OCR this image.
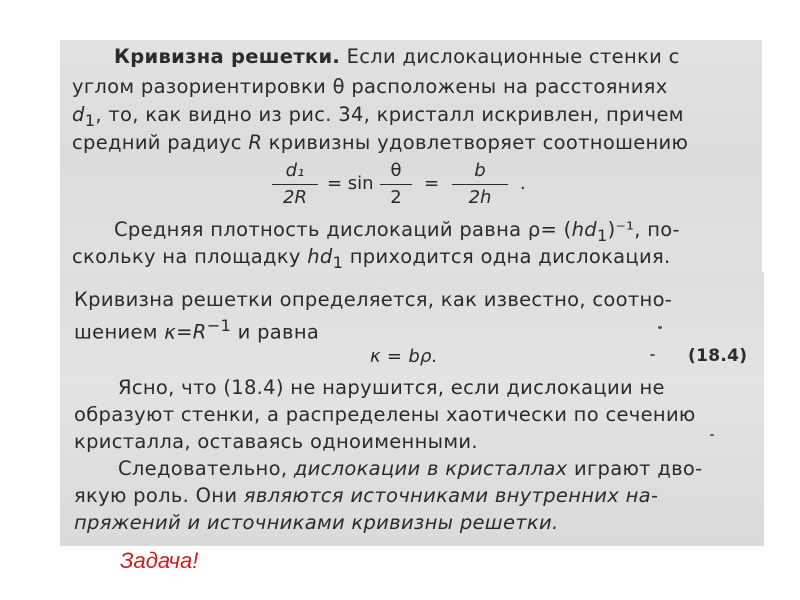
Кривизна решетки. Если дислокационные стенки с
углом разориентировки θ расположены на расстояниях
$d_1$, то, как видно из рис. 34, кристалл искривлен, причем
средний радиус R кривизны удовлетворяет соотношению
d₁
2R
= sin
θ
2
=
b
2h
.
Средняя плотность дислокаций равна $\rho= (hd_1)^{-1}$, по-
скольку на площадку $hd_1$ приходится одна дислокация.
Кривизна решетки определяется, как известно, соотно-
шением $\kappa=R^{-1}$ и равна
κ = bρ.	(18.4)
Ясно, что (18.4) не нарушится, если дислокации не
образуют стенки, а распределены хаотически по сечению
кристалла, оставаясь одноименными.
Следовательно, дислокации в кристаллах играют дво-
якую роль. Они являются источниками внутренних на-
пряжений и источниками кривизны решетки.
Задача!
